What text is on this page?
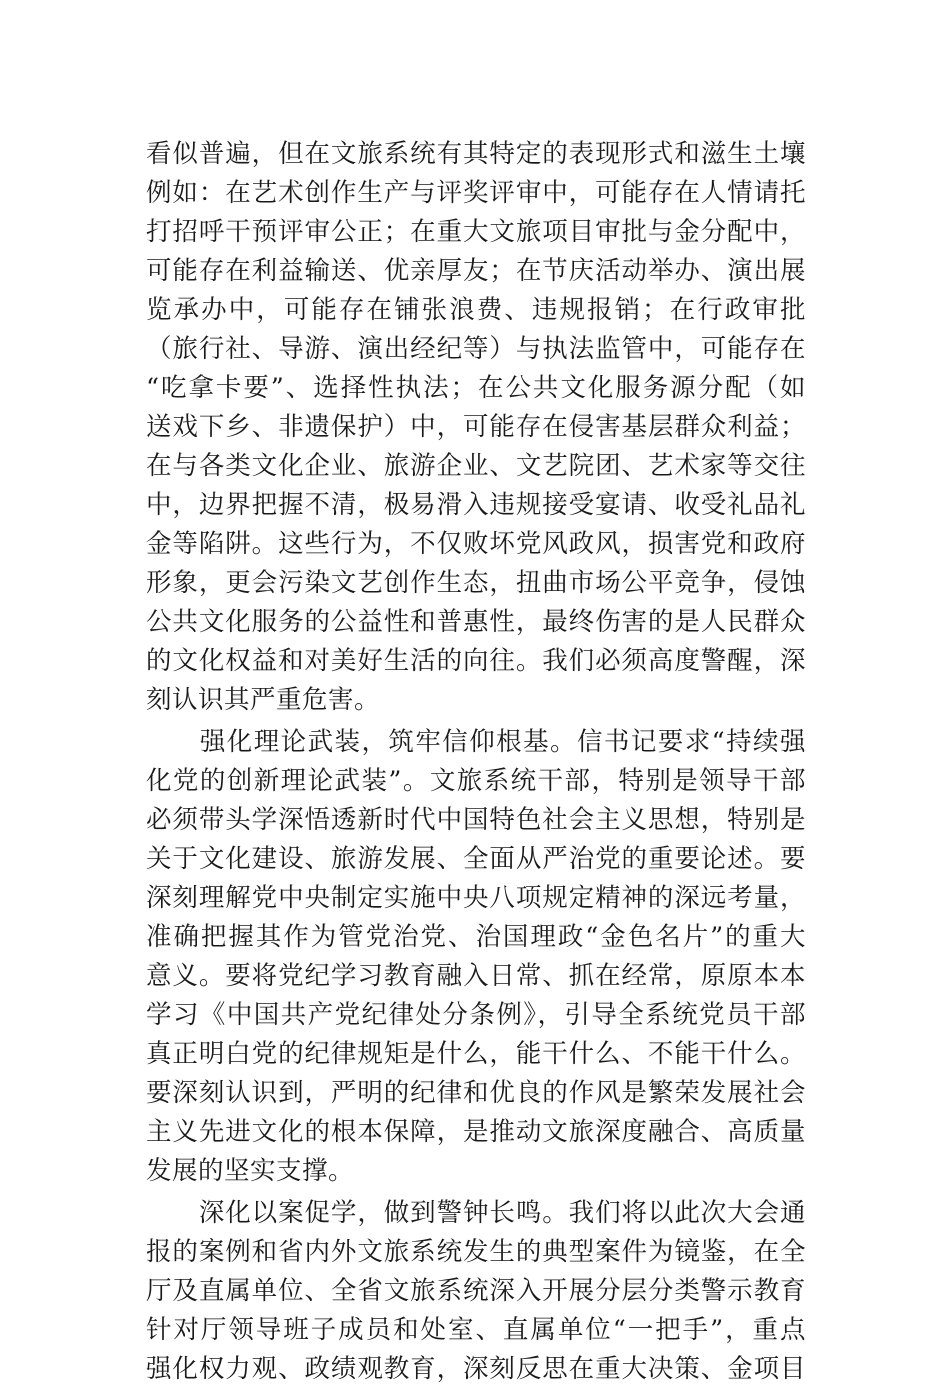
看似普遍，但在文旅系统有其特定的表现形式和滋生土壤
例如：在艺术创作生产与评奖评审中，可能存在人情请托
打招呼干预评审公正；在重大文旅项目审批与金分配中，
可能存在利益输送、优亲厚友；在节庆活动举办、演出展
览承办中，可能存在铺张浪费、违规报销；在行政审批
（旅行社、导游、演出经纪等）与执法监管中，可能存在
“吃拿卡要”、选择性执法；在公共文化服务源分配（如
送戏下乡、非遗保护）中，可能存在侵害基层群众利益；
在与各类文化企业、旅游企业、文艺院团、艺术家等交往
中，边界把握不清，极易滑入违规接受宴请、收受礼品礼
金等陷阱。这些行为，不仅败坏党风政风，损害党和政府
形象，更会污染文艺创作生态，扭曲市场公平竞争，侵蚀
公共文化服务的公益性和普惠性，最终伤害的是人民群众
的文化权益和对美好生活的向往。我们必须高度警醒，深
刻认识其严重危害。
　　强化理论武装，筑牢信仰根基。信书记要求“持续强
化党的创新理论武装”。文旅系统干部，特别是领导干部
必须带头学深悟透新时代中国特色社会主义思想，特别是
关于文化建设、旅游发展、全面从严治党的重要论述。要
深刻理解党中央制定实施中央八项规定精神的深远考量，
准确把握其作为管党治党、治国理政“金色名片”的重大
意义。要将党纪学习教育融入日常、抓在经常，原原本本
学习《中国共产党纪律处分条例》，引导全系统党员干部
真正明白党的纪律规矩是什么，能干什么、不能干什么。
要深刻认识到，严明的纪律和优良的作风是繁荣发展社会
主义先进文化的根本保障，是推动文旅深度融合、高质量
发展的坚实支撑。
　　深化以案促学，做到警钟长鸣。我们将以此次大会通
报的案例和省内外文旅系统发生的典型案件为镜鉴，在全
厅及直属单位、全省文旅系统深入开展分层分类警示教育
针对厅领导班子成员和处室、直属单位“一把手”，重点
强化权力观、政绩观教育，深刻反思在重大决策、金项目
